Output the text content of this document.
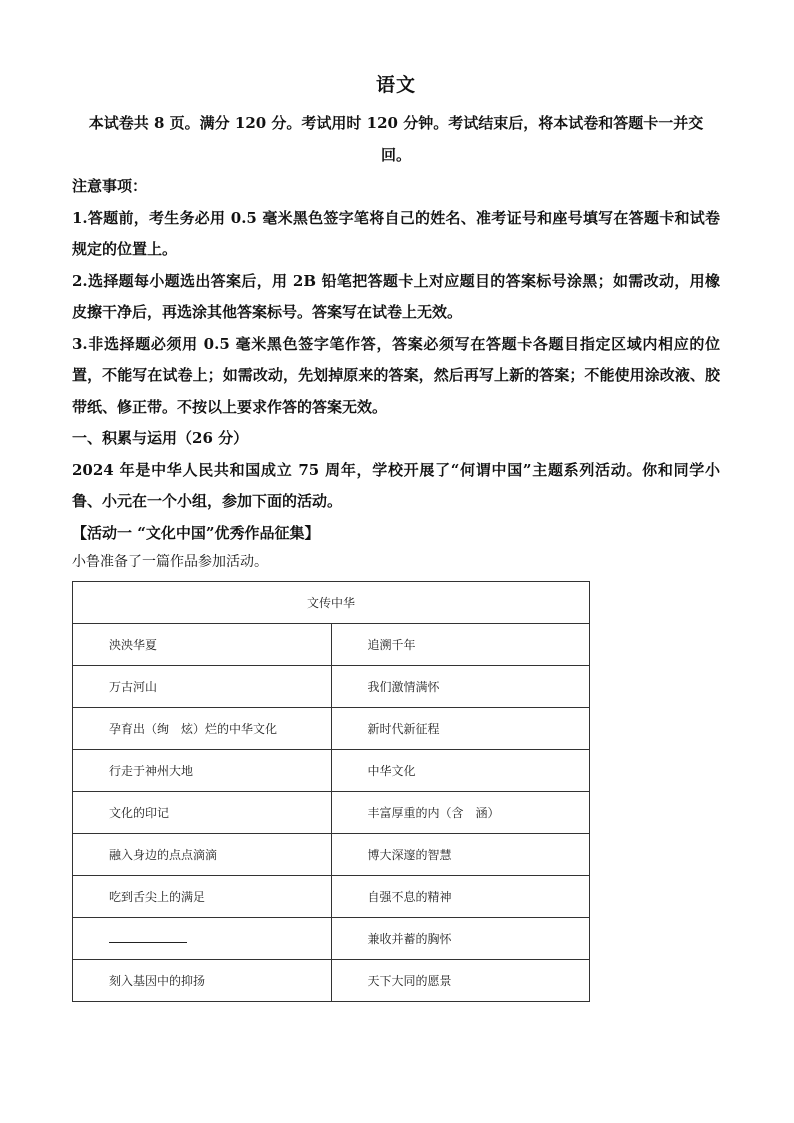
语文
本试卷共 8 页。满分 120 分。考试用时 120 分钟。考试结束后，将本试卷和答题卡一并交回。

注意事项：

1.答题前，考生务必用 0.5 毫米黑色签字笔将自己的姓名、准考证号和座号填写在答题卡和试卷规定的位置上。

2.选择题每小题选出答案后，用 2B 铅笔把答题卡上对应题目的答案标号涂黑；如需改动，用橡皮擦干净后，再选涂其他答案标号。答案写在试卷上无效。

3.非选择题必须用 0.5 毫米黑色签字笔作答，答案必须写在答题卡各题目指定区域内相应的位置，不能写在试卷上；如需改动，先划掉原来的答案，然后再写上新的答案；不能使用涂改液、胶带纸、修正带。不按以上要求作答的答案无效。

一、积累与运用（26 分）

2024 年是中华人民共和国成立 75 周年，学校开展了“何谓中国”主题系列活动。你和同学小鲁、小元在一个小组，参加下面的活动。

【活动一 “文化中国”优秀作品征集】

小鲁准备了一篇作品参加活动。

文传中华	
泱泱华夏	追溯千年
万古河山	我们激情满怀
孕育出（绚　炫）烂的中华文化	新时代新征程
行走于神州大地	中华文化
文化的印记	丰富厚重的内（含　涵）
融入身边的点点滴滴	博大深邃的智慧
吃到舌尖上的满足	自强不息的精神
	兼收并蓄的胸怀
刻入基因中的抑扬	天下大同的愿景
